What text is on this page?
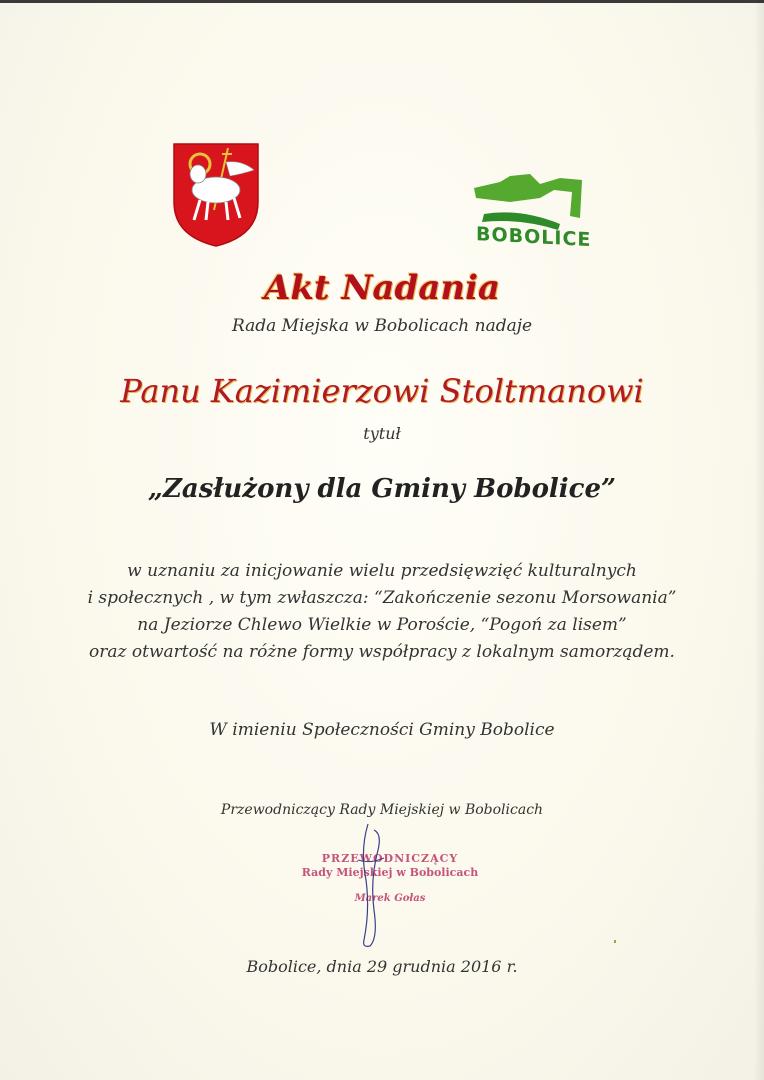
BOBOLICE
Akt Nadania
Rada Miejska w Bobolicach nadaje
Panu Kazimierzowi Stoltmanowi
tytuł
„Zasłużony dla Gminy Bobolice”
w uznaniu za inicjowanie wielu przedsięwzięć kulturalnych
i społecznych , w tym zwłaszcza: “Zakończenie sezonu Morsowania”
na Jeziorze Chlewo Wielkie w Poroście, “Pogoń za lisem”
oraz otwartość na różne formy współpracy z lokalnym samorządem.
W imieniu Społeczności Gminy Bobolice
Przewodniczący Rady Miejskiej w Bobolicach
PRZEWODNICZĄCY
Rady Miejskiej w Bobolicach
Marek Gołas
Bobolice, dnia 29 grudnia 2016 r.
